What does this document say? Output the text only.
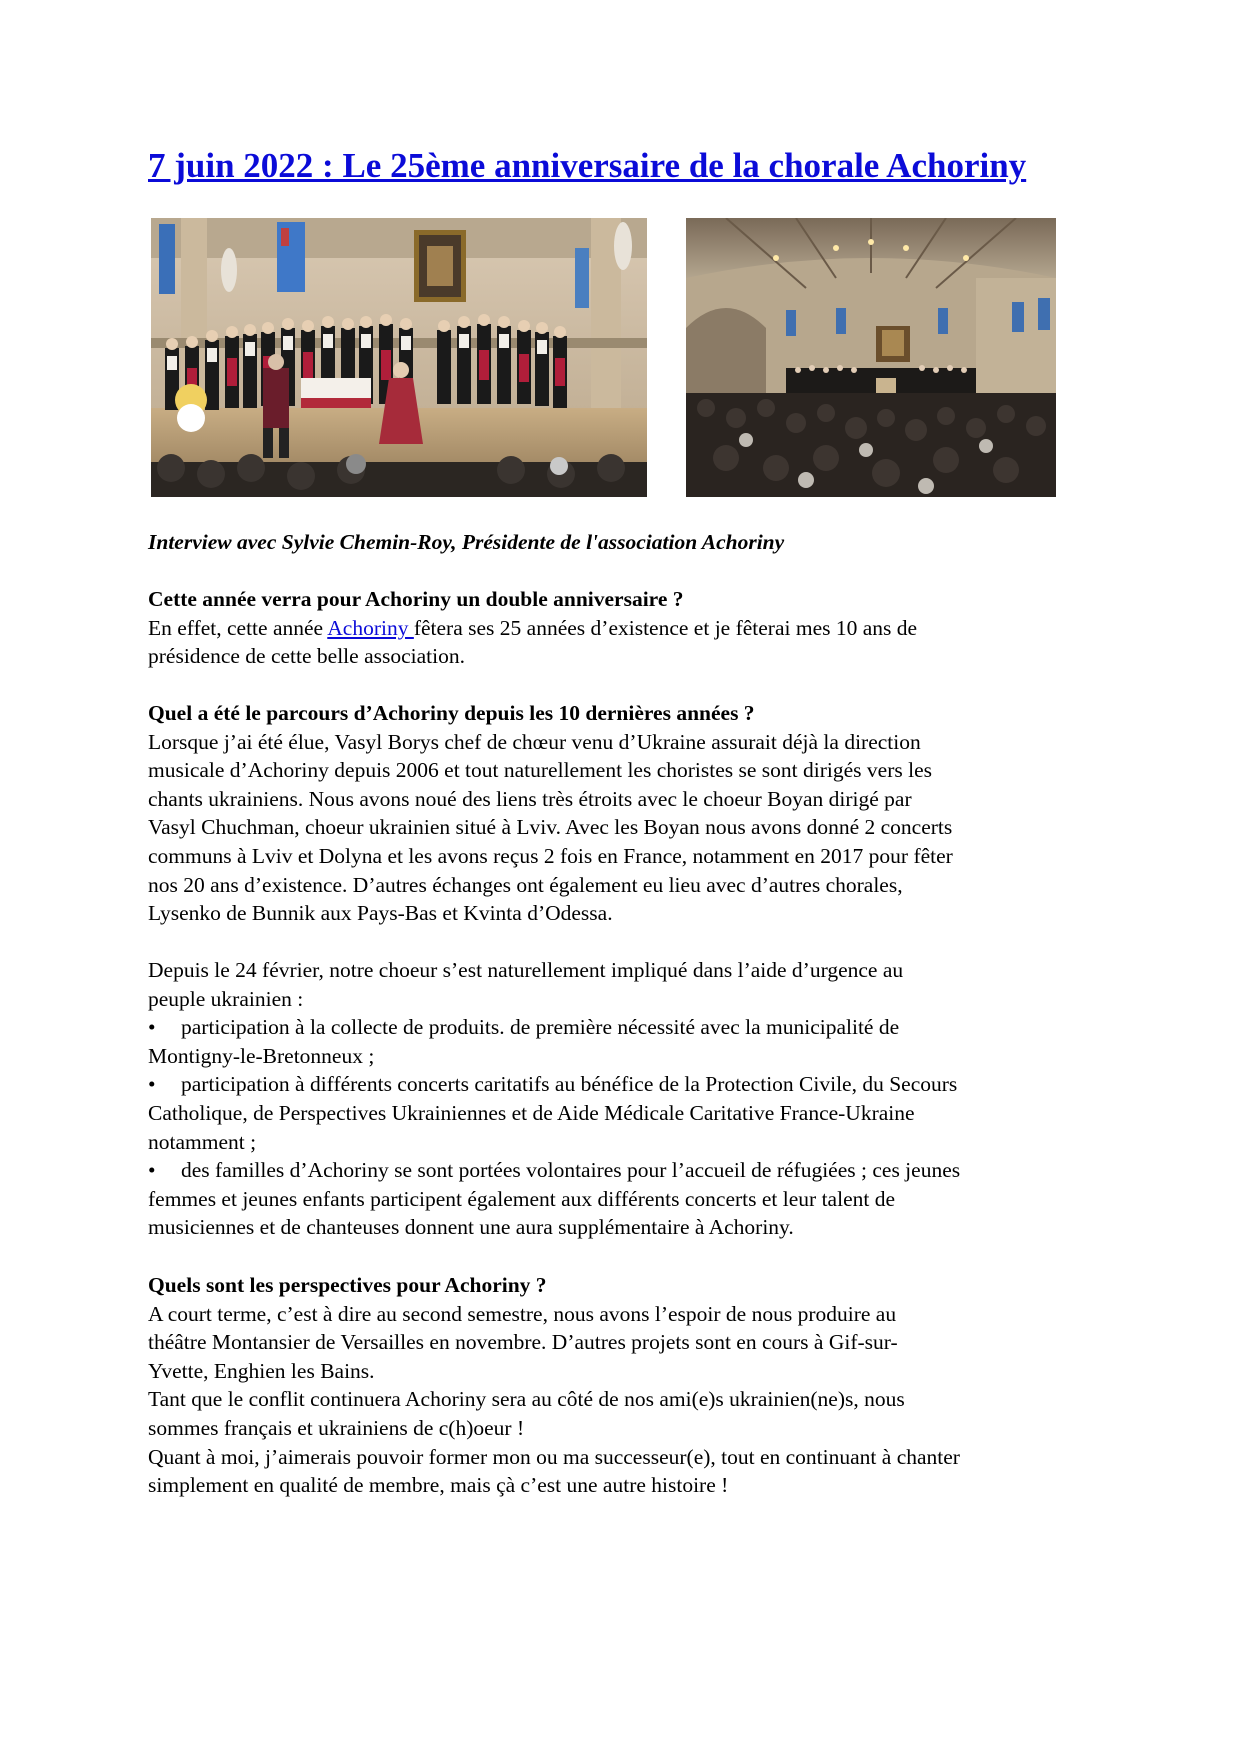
7 juin 2022 : Le 25ème anniversaire de la chorale Achoriny

Interview avec Sylvie Chemin-Roy, Présidente de l'association Achoriny

Cette année verra pour Achoriny un double anniversaire ?

En effet, cette année Achoriny fêtera ses 25 années d’existence et je fêterai mes 10 ans de

présidence de cette belle association.

Quel a été le parcours d’Achoriny depuis les 10 dernières années ?

Lorsque j’ai été élue, Vasyl Borys chef de chœur venu d’Ukraine assurait déjà la direction

musicale d’Achoriny depuis 2006 et tout naturellement les choristes se sont dirigés vers les

chants ukrainiens. Nous avons noué des liens très étroits avec le choeur Boyan dirigé par

Vasyl Chuchman, choeur ukrainien situé à Lviv. Avec les Boyan nous avons donné 2 concerts

communs à Lviv et Dolyna et les avons reçus 2 fois en France, notamment en 2017 pour fêter

nos 20 ans d’existence. D’autres échanges ont également eu lieu avec d’autres chorales,

Lysenko de Bunnik aux Pays-Bas et Kvinta d’Odessa.

Depuis le 24 février, notre choeur s’est naturellement impliqué dans l’aide d’urgence au

peuple ukrainien :

• participation à la collecte de produits. de première nécessité avec la municipalité de

Montigny-le-Bretonneux ;

• participation à différents concerts caritatifs au bénéfice de la Protection Civile, du Secours

Catholique, de Perspectives Ukrainiennes et de Aide Médicale Caritative France-Ukraine

notamment ;

• des familles d’Achoriny se sont portées volontaires pour l’accueil de réfugiées ; ces jeunes

femmes et jeunes enfants participent également aux différents concerts et leur talent de

musiciennes et de chanteuses donnent une aura supplémentaire à Achoriny.

Quels sont les perspectives pour Achoriny ?

A court terme, c’est à dire au second semestre, nous avons l’espoir de nous produire au

théâtre Montansier de Versailles en novembre. D’autres projets sont en cours à Gif-sur-

Yvette, Enghien les Bains.

Tant que le conflit continuera Achoriny sera au côté de nos ami(e)s ukrainien(ne)s, nous

sommes français et ukrainiens de c(h)oeur !

Quant à moi, j’aimerais pouvoir former mon ou ma successeur(e), tout en continuant à chanter

simplement en qualité de membre, mais çà c’est une autre histoire !
